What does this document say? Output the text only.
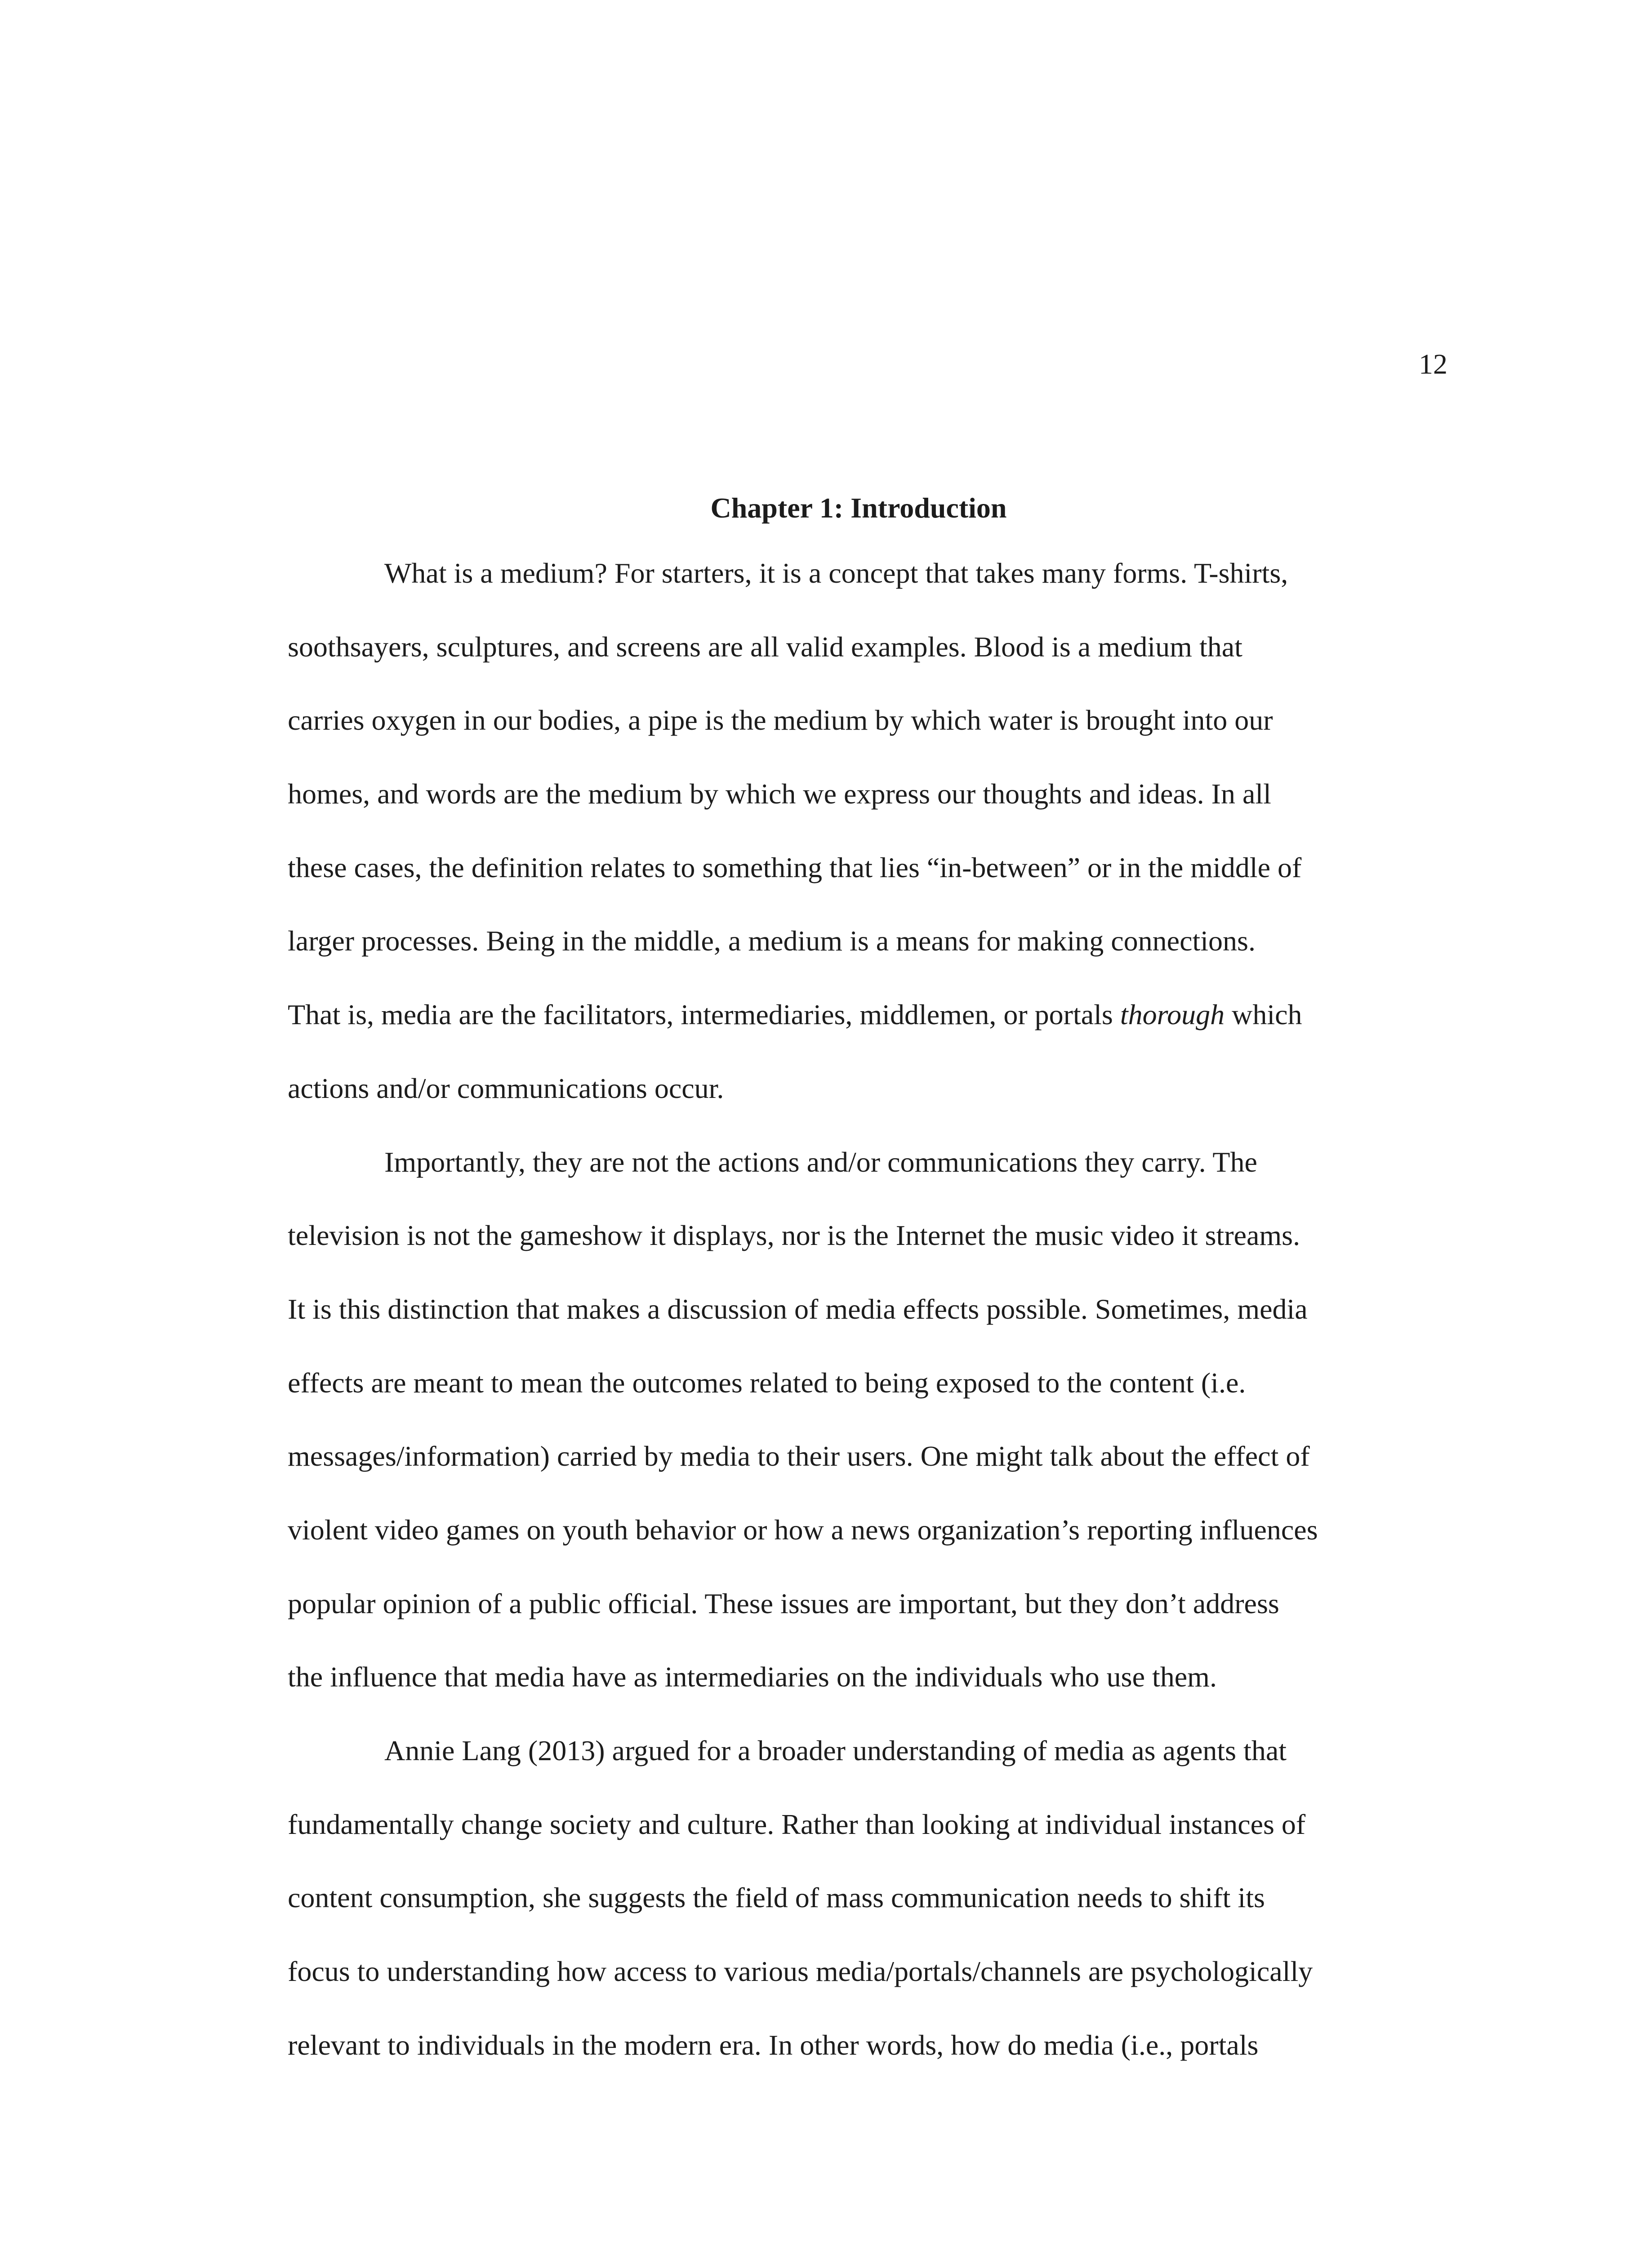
12
Chapter 1: Introduction
What is a medium? For starters, it is a concept that takes many forms. T-shirts,
soothsayers, sculptures, and screens are all valid examples. Blood is a medium that
carries oxygen in our bodies, a pipe is the medium by which water is brought into our
homes, and words are the medium by which we express our thoughts and ideas. In all
these cases, the definition relates to something that lies “in-between” or in the middle of
larger processes. Being in the middle, a medium is a means for making connections.
That is, media are the facilitators, intermediaries, middlemen, or portals thorough which
actions and/or communications occur.
Importantly, they are not the actions and/or communications they carry. The
television is not the gameshow it displays, nor is the Internet the music video it streams.
It is this distinction that makes a discussion of media effects possible. Sometimes, media
effects are meant to mean the outcomes related to being exposed to the content (i.e.
messages/information) carried by media to their users. One might talk about the effect of
violent video games on youth behavior or how a news organization’s reporting influences
popular opinion of a public official. These issues are important, but they don’t address
the influence that media have as intermediaries on the individuals who use them.
Annie Lang (2013) argued for a broader understanding of media as agents that
fundamentally change society and culture. Rather than looking at individual instances of
content consumption, she suggests the field of mass communication needs to shift its
focus to understanding how access to various media/portals/channels are psychologically
relevant to individuals in the modern era. In other words, how do media (i.e., portals
